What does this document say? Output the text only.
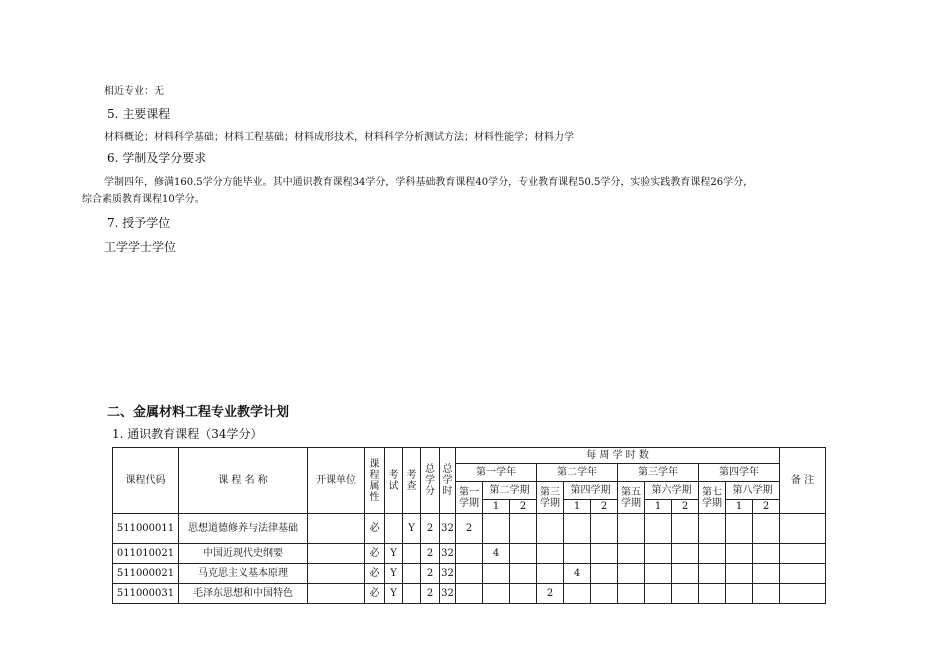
相近专业：无
5. 主要课程
材料概论；材料科学基础；材料工程基础；材料成形技术，材料科学分析测试方法；材料性能学；材料力学
6. 学制及学分要求
学制四年，修满160.5学分方能毕业。其中通识教育课程34学分，学科基础教育课程40学分，专业教育课程50.5学分，实验实践教育课程26学分，
综合素质教育课程10学分。
7. 授予学位
工学学士学位
二、金属材料工程专业教学计划
1. 通识教育课程（34学分）
课程代码	课 程 名 称	开课单位	课程属性	考试	考查	总学分	总学时	每 周 学 时 数												备 注
								第一学年			第二学年			第三学年			第四学年			
								第一学期	第二学期		第三学期	第四学期		第五学期	第六学期		第七学期	第八学期		
									1	2		1	2		1	2		1	2	
511000011	思想道德修养与法律基础		必		Y	2	32	2												
011010021	中国近现代史纲要		必	Y		2	32		4											
511000021	马克思主义基本原理		必	Y		2	32					4								
511000031	毛泽东思想和中国特色		必	Y		2	32				2									
